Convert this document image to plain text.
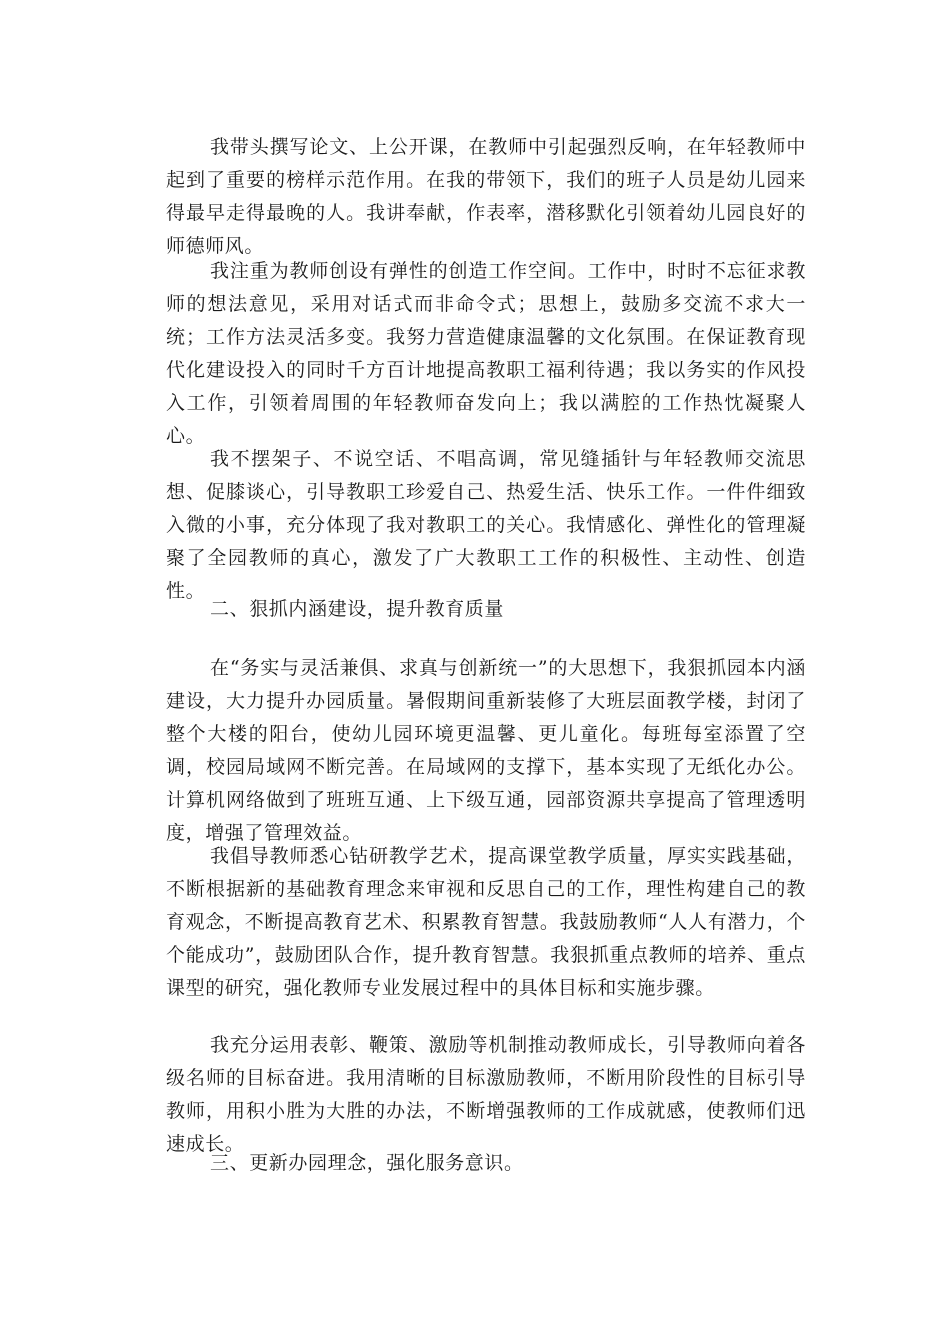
我带头撰写论文、上公开课，在教师中引起强烈反响，在年轻教师中起到了重要的榜样示范作用。在我的带领下，我们的班子人员是幼儿园来得最早走得最晚的人。我讲奉献，作表率，潜移默化引领着幼儿园良好的师德师风。

我注重为教师创设有弹性的创造工作空间。工作中，时时不忘征求教师的想法意见，采用对话式而非命令式；思想上，鼓励多交流不求大一统；工作方法灵活多变。我努力营造健康温馨的文化氛围。在保证教育现代化建设投入的同时千方百计地提高教职工福利待遇；我以务实的作风投入工作，引领着周围的年轻教师奋发向上；我以满腔的工作热忱凝聚人心。

我不摆架子、不说空话、不唱高调，常见缝插针与年轻教师交流思想、促膝谈心，引导教职工珍爱自己、热爱生活、快乐工作。一件件细致入微的小事，充分体现了我对教职工的关心。我情感化、弹性化的管理凝聚了全园教师的真心，激发了广大教职工工作的积极性、主动性、创造性。

二、狠抓内涵建设，提升教育质量

在“务实与灵活兼俱、求真与创新统一”的大思想下，我狠抓园本内涵建设，大力提升办园质量。暑假期间重新装修了大班层面教学楼，封闭了整个大楼的阳台，使幼儿园环境更温馨、更儿童化。每班每室添置了空调，校园局域网不断完善。在局域网的支撑下，基本实现了无纸化办公。计算机网络做到了班班互通、上下级互通，园部资源共享提高了管理透明度，增强了管理效益。

我倡导教师悉心钻研教学艺术，提高课堂教学质量，厚实实践基础，不断根据新的基础教育理念来审视和反思自己的工作，理性构建自己的教育观念，不断提高教育艺术、积累教育智慧。我鼓励教师“人人有潜力，个个能成功”，鼓励团队合作，提升教育智慧。我狠抓重点教师的培养、重点课型的研究，强化教师专业发展过程中的具体目标和实施步骤。

我充分运用表彰、鞭策、激励等机制推动教师成长，引导教师向着各级名师的目标奋进。我用清晰的目标激励教师，不断用阶段性的目标引导教师，用积小胜为大胜的办法，不断增强教师的工作成就感，使教师们迅速成长。

三、更新办园理念，强化服务意识。
